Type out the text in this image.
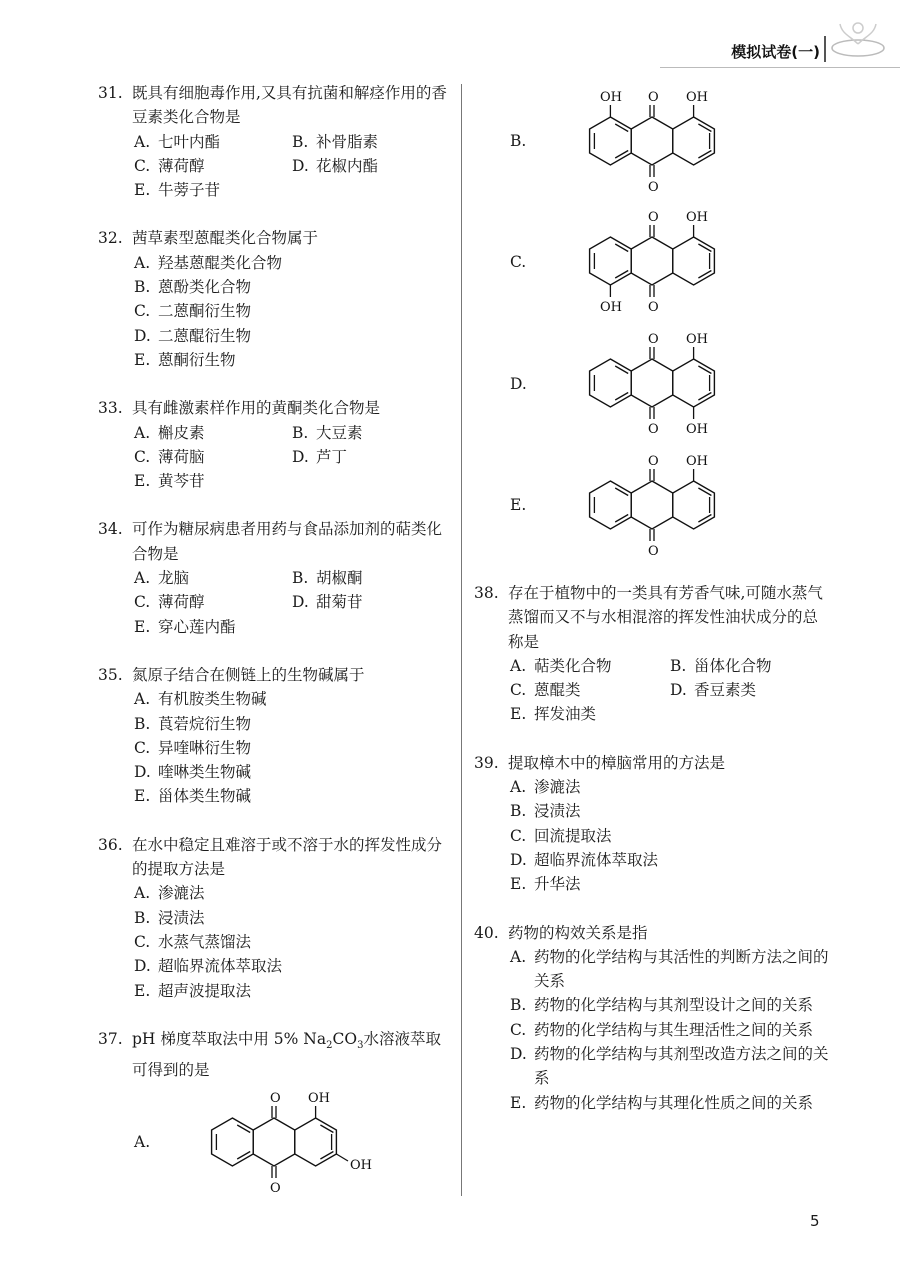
模拟试卷(一)
31. 既具有细胞毒作用,又具有抗菌和解痉作用的香豆素类化合物是
A. 七叶内酯	B. 补骨脂素
C. 薄荷醇	D. 花椒内酯
E. 牛蒡子苷
32. 茜草素型蒽醌类化合物属于
A. 羟基蒽醌类化合物
B. 蒽酚类化合物
C. 二蒽酮衍生物
D. 二蒽醌衍生物
E. 蒽酮衍生物
33. 具有雌激素样作用的黄酮类化合物是
A. 槲皮素	B. 大豆素
C. 薄荷脑	D. 芦丁
E. 黄芩苷
34. 可作为糖尿病患者用药与食品添加剂的萜类化合物是
A. 龙脑	B. 胡椒酮
C. 薄荷醇	D. 甜菊苷
E. 穿心莲内酯
35. 氮原子结合在侧链上的生物碱属于
A. 有机胺类生物碱
B. 莨菪烷衍生物
C. 异喹啉衍生物
D. 喹啉类生物碱
E. 甾体类生物碱
36. 在水中稳定且难溶于或不溶于水的挥发性成分的提取方法是
A. 渗漉法
B. 浸渍法
C. 水蒸气蒸馏法
D. 超临界流体萃取法
E. 超声波提取法
37. pH 梯度萃取法中用 5% $Na_2CO_3$水溶液萃取可得到的是
A.
O
O
OH
OH
B.
O
O
OH
OH
C.
O
O
OH
OH
D.
O
O
OH
OH
E.
O
O
OH
38. 存在于植物中的一类具有芳香气味,可随水蒸气蒸馏而又不与水相混溶的挥发性油状成分的总称是
A. 萜类化合物	B. 甾体化合物
C. 蒽醌类	D. 香豆素类
E. 挥发油类
39. 提取樟木中的樟脑常用的方法是
A. 渗漉法
B. 浸渍法
C. 回流提取法
D. 超临界流体萃取法
E. 升华法
40. 药物的构效关系是指
A. 药物的化学结构与其活性的判断方法之间的关系
B. 药物的化学结构与其剂型设计之间的关系
C. 药物的化学结构与其生理活性之间的关系
D. 药物的化学结构与其剂型改造方法之间的关系
E. 药物的化学结构与其理化性质之间的关系
5
